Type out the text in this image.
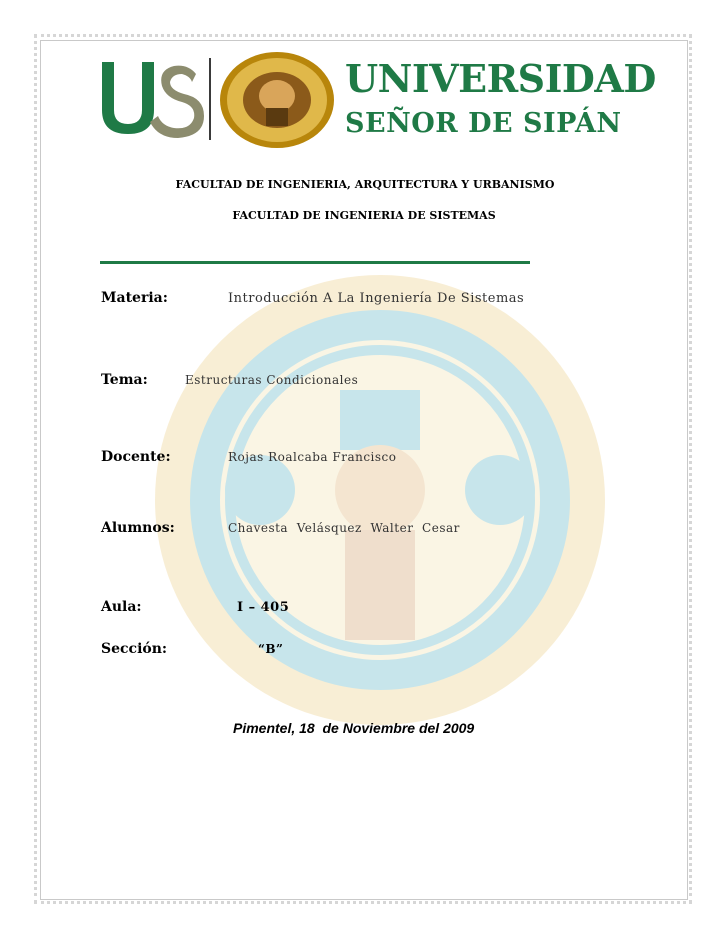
UNIVERSIDAD
SEÑOR DE SIPÁN
FACULTAD DE INGENIERIA, ARQUITECTURA Y URBANISMO
FACULTAD DE INGENIERIA DE SISTEMAS
Materia:	Introducción A La Ingeniería De Sistemas
Tema:	Estructuras Condicionales
Docente:	Rojas Roalcaba Francisco
Alumnos:	Chavesta  Velásquez  Walter  Cesar
Aula:	I – 405
Sección:	“B”
Pimentel, 18  de Noviembre del 2009
